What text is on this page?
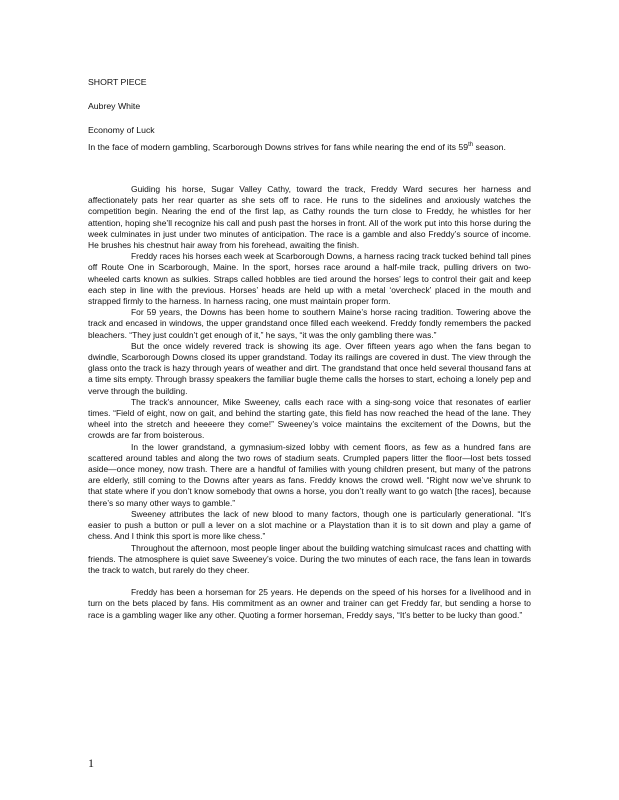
SHORT PIECE
Aubrey White
Economy of Luck
In the face of modern gambling, Scarborough Downs strives for fans while nearing the end of its 59th season.

Guiding his horse, Sugar Valley Cathy, toward the track, Freddy Ward secures her harness and affectionately pats her rear quarter as she sets off to race. He runs to the sidelines and anxiously watches the competition begin. Nearing the end of the first lap, as Cathy rounds the turn close to Freddy, he whistles for her attention, hoping she’ll recognize his call and push past the horses in front. All of the work put into this horse during the week culminates in just under two minutes of anticipation. The race is a gamble and also Freddy’s source of income. He brushes his chestnut hair away from his forehead, awaiting the finish.

Freddy races his horses each week at Scarborough Downs, a harness racing track tucked behind tall pines off Route One in Scarborough, Maine. In the sport, horses race around a half-mile track, pulling drivers on two-wheeled carts known as sulkies. Straps called hobbles are tied around the horses’ legs to control their gait and keep each step in line with the previous. Horses’ heads are held up with a metal ‘overcheck’ placed in the mouth and strapped firmly to the harness. In harness racing, one must maintain proper form.

For 59 years, the Downs has been home to southern Maine’s horse racing tradition. Towering above the track and encased in windows, the upper grandstand once filled each weekend. Freddy fondly remembers the packed bleachers. “They just couldn’t get enough of it,” he says, “it was the only gambling there was.”

But the once widely revered track is showing its age. Over fifteen years ago when the fans began to dwindle, Scarborough Downs closed its upper grandstand. Today its railings are covered in dust. The view through the glass onto the track is hazy through years of weather and dirt. The grandstand that once held several thousand fans at a time sits empty. Through brassy speakers the familiar bugle theme calls the horses to start, echoing a lonely pep and verve through the building.

The track’s announcer, Mike Sweeney, calls each race with a sing-song voice that resonates of earlier times. “Field of eight, now on gait, and behind the starting gate, this field has now reached the head of the lane. They wheel into the stretch and heeeere they come!” Sweeney’s voice maintains the excitement of the Downs, but the crowds are far from boisterous.

In the lower grandstand, a gymnasium-sized lobby with cement floors, as few as a hundred fans are scattered around tables and along the two rows of stadium seats. Crumpled papers litter the floor—lost bets tossed aside—once money, now trash. There are a handful of families with young children present, but many of the patrons are elderly, still coming to the Downs after years as fans. Freddy knows the crowd well. “Right now we’ve shrunk to that state where if you don’t know somebody that owns a horse, you don’t really want to go watch [the races], because there’s so many other ways to gamble.”

Sweeney attributes the lack of new blood to many factors, though one is particularly generational. “It’s easier to push a button or pull a lever on a slot machine or a Playstation than it is to sit down and play a game of chess. And I think this sport is more like chess.”

Throughout the afternoon, most people linger about the building watching simulcast races and chatting with friends. The atmosphere is quiet save Sweeney’s voice. During the two minutes of each race, the fans lean in towards the track to watch, but rarely do they cheer.

Freddy has been a horseman for 25 years. He depends on the speed of his horses for a livelihood and in turn on the bets placed by fans. His commitment as an owner and trainer can get Freddy far, but sending a horse to race is a gambling wager like any other. Quoting a former horseman, Freddy says, “It’s better to be lucky than good.”

1
